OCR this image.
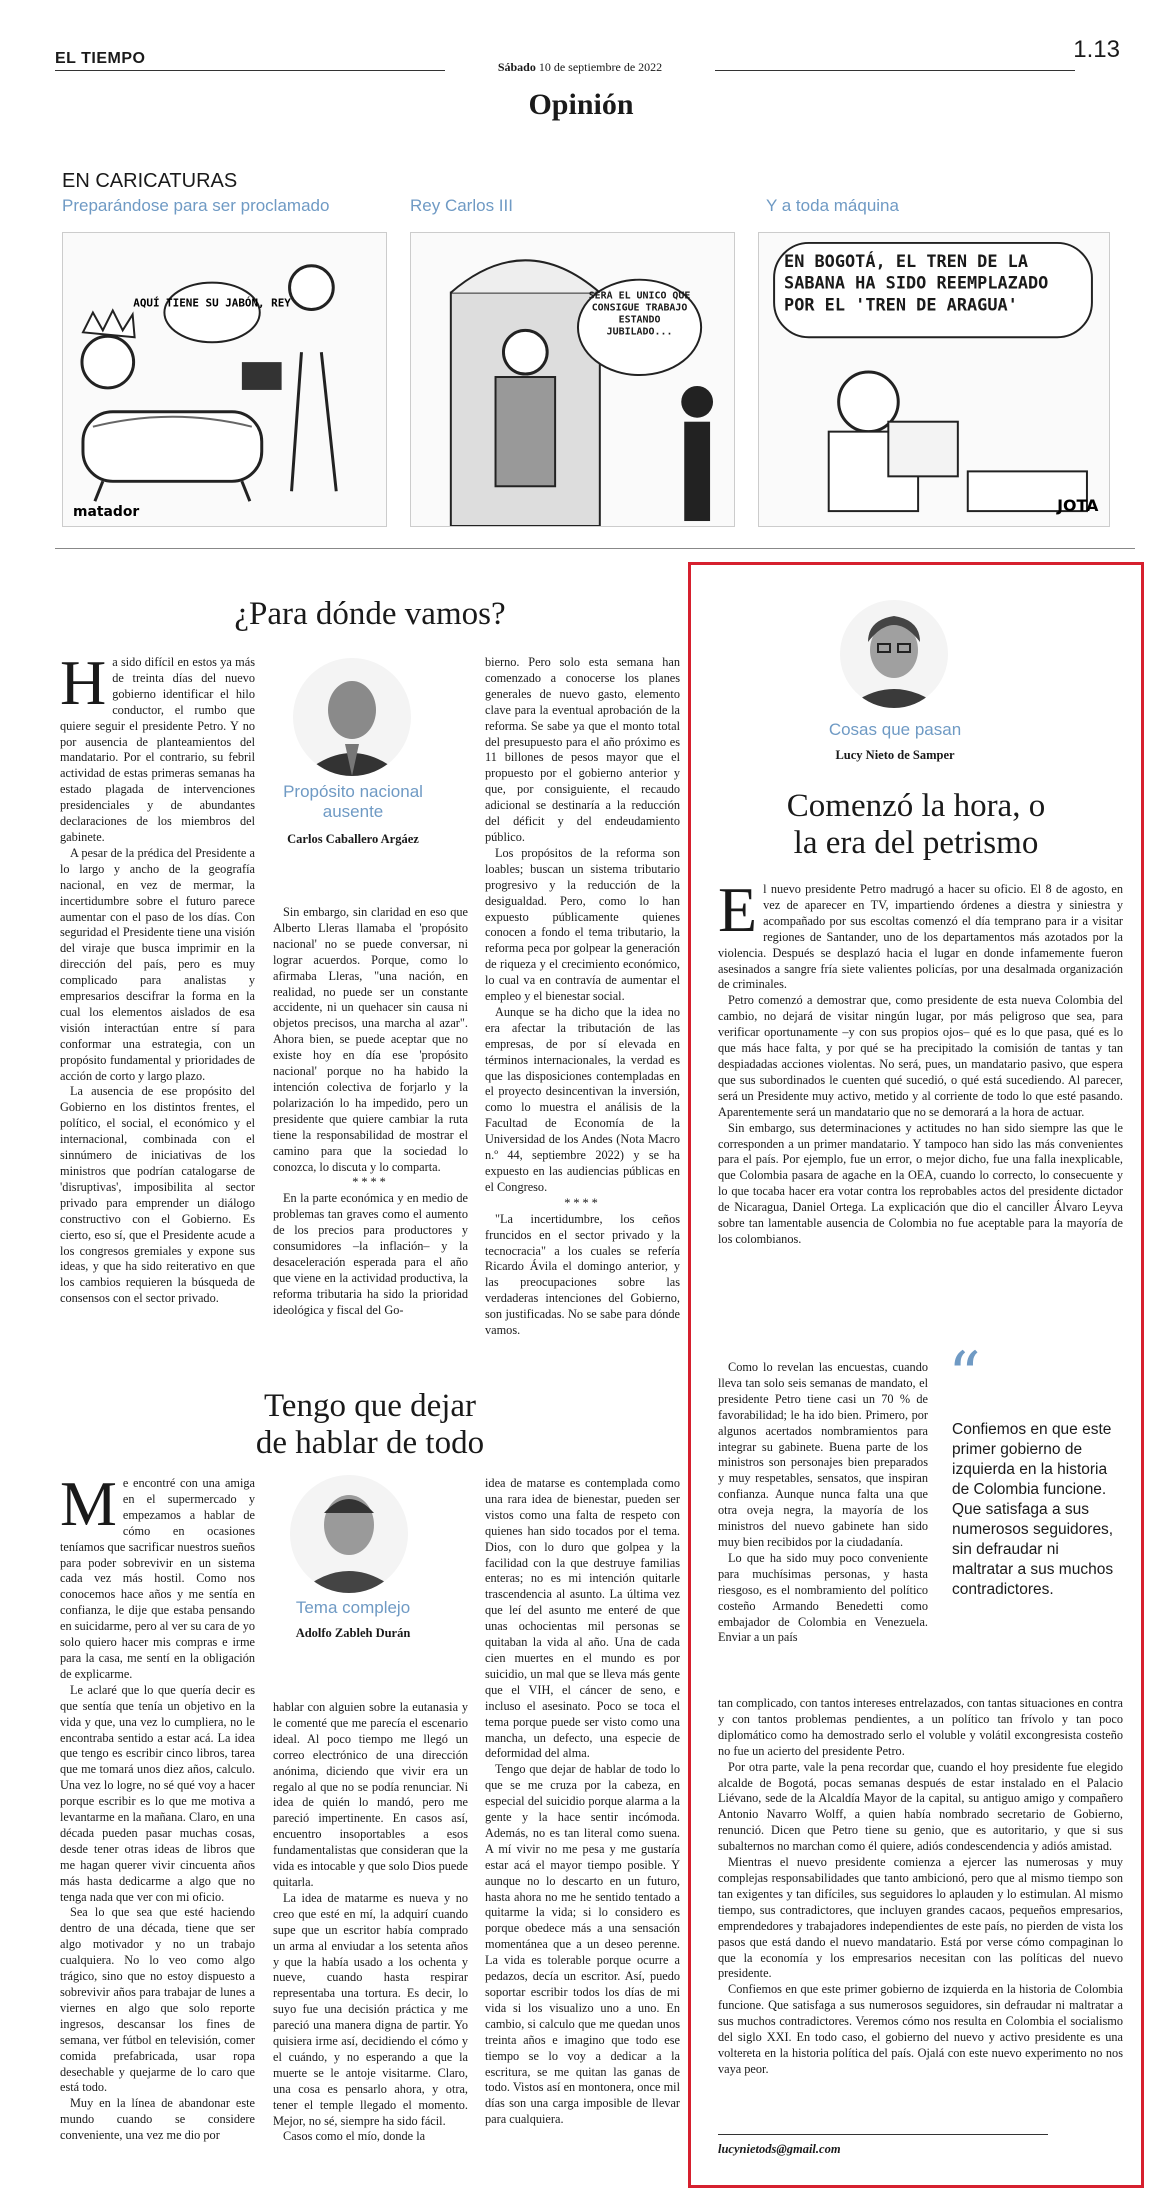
EL TIEMPO	Sábado 10 de septiembre de 2022
1.13
Opinión
EN CARICATURAS
Preparándose para ser proclamado	Rey Carlos III	Y a toda máquina
AQUÍ TIENE SU JABÓN, REY
matador
SERÁ EL ÚNICO QUE CONSIGUE TRABAJO ESTANDO JUBILADO...
EN BOGOTÁ, EL TREN DE LA SABANA HA SIDO REEMPLAZADO POR EL 'TREN DE ARAGUA'
JOTA
¿Para dónde vamos?

Ha sido difícil en estos ya más de treinta días del nuevo gobierno identificar el hilo conductor, el rumbo que quiere seguir el presidente Petro. Y no por ausencia de planteamientos del mandatario. Por el contrario, su febril actividad de estas primeras semanas ha estado plagada de intervenciones presidenciales y de abundantes declaraciones de los miembros del gabinete.

A pesar de la prédica del Presidente a lo largo y ancho de la geografía nacional, en vez de mermar, la incertidumbre sobre el futuro parece aumentar con el paso de los días. Con seguridad el Presidente tiene una visión del viraje que busca imprimir en la dirección del país, pero es muy complicado para analistas y empresarios descifrar la forma en la cual los elementos aislados de esa visión interactúan entre sí para conformar una estrategia, con un propósito fundamental y prioridades de acción de corto y largo plazo.

La ausencia de ese propósito del Gobierno en los distintos frentes, el político, el social, el económico y el internacional, combinada con el sinnúmero de iniciativas de los ministros que podrían catalogarse de 'disruptivas', imposibilita al sector privado para emprender un diálogo constructivo con el Gobierno. Es cierto, eso sí, que el Presidente acude a los congresos gremiales y expone sus ideas, y que ha sido reiterativo en que los cambios requieren la búsqueda de consensos con el sector privado.

Propósito nacional ausente
Carlos Caballero Argáez

Sin embargo, sin claridad en eso que Alberto Lleras llamaba el 'propósito nacional' no se puede conversar, ni lograr acuerdos. Porque, como lo afirmaba Lleras, "una nación, en realidad, no puede ser un constante accidente, ni un quehacer sin causa ni objetos precisos, una marcha al azar". Ahora bien, se puede aceptar que no existe hoy en día ese 'propósito nacional' porque no ha habido la intención colectiva de forjarlo y la polarización lo ha impedido, pero un presidente que quiere cambiar la ruta tiene la responsabilidad de mostrar el camino para que la sociedad lo conozca, lo discuta y lo comparta.

****

En la parte económica y en medio de problemas tan graves como el aumento de los precios para productores y consumidores –la inflación– y la desaceleración esperada para el año que viene en la actividad productiva, la reforma tributaria ha sido la prioridad ideológica y fiscal del Go-

bierno. Pero solo esta semana han comenzado a conocerse los planes generales de nuevo gasto, elemento clave para la eventual aprobación de la reforma. Se sabe ya que el monto total del presupuesto para el año próximo es 11 billones de pesos mayor que el propuesto por el gobierno anterior y que, por consiguiente, el recaudo adicional se destinaría a la reducción del déficit y del endeudamiento público.

Los propósitos de la reforma son loables; buscan un sistema tributario progresivo y la reducción de la desigualdad. Pero, como lo han expuesto públicamente quienes conocen a fondo el tema tributario, la reforma peca por golpear la generación de riqueza y el crecimiento económico, lo cual va en contravía de aumentar el empleo y el bienestar social.

Aunque se ha dicho que la idea no era afectar la tributación de las empresas, de por sí elevada en términos internacionales, la verdad es que las disposiciones contempladas en el proyecto desincentivan la inversión, como lo muestra el análisis de la Facultad de Economía de la Universidad de los Andes (Nota Macro n.º 44, septiembre 2022) y se ha expuesto en las audiencias públicas en el Congreso.

****

"La incertidumbre, los ceños fruncidos en el sector privado y la tecnocracia" a los cuales se refería Ricardo Ávila el domingo anterior, y las preocupaciones sobre las verdaderas intenciones del Gobierno, son justificadas. No se sabe para dónde vamos.

Tengo que dejar
de hablar de todo

Me encontré con una amiga en el supermercado y empezamos a hablar de cómo en ocasiones teníamos que sacrificar nuestros sueños para poder sobrevivir en un sistema cada vez más hostil. Como nos conocemos hace años y me sentía en confianza, le dije que estaba pensando en suicidarme, pero al ver su cara de yo solo quiero hacer mis compras e irme para la casa, me sentí en la obligación de explicarme.

Le aclaré que lo que quería decir es que sentía que tenía un objetivo en la vida y que, una vez lo cumpliera, no le encontraba sentido a estar acá. La idea que tengo es escribir cinco libros, tarea que me tomará unos diez años, calculo. Una vez lo logre, no sé qué voy a hacer porque escribir es lo que me motiva a levantarme en la mañana. Claro, en una década pueden pasar muchas cosas, desde tener otras ideas de libros que me hagan querer vivir cincuenta años más hasta dedicarme a algo que no tenga nada que ver con mi oficio.

Sea lo que sea que esté haciendo dentro de una década, tiene que ser algo motivador y no un trabajo cualquiera. No lo veo como algo trágico, sino que no estoy dispuesto a sobrevivir años para trabajar de lunes a viernes en algo que solo reporte ingresos, descansar los fines de semana, ver fútbol en televisión, comer comida prefabricada, usar ropa desechable y quejarme de lo caro que está todo.

Muy en la línea de abandonar este mundo cuando se considere conveniente, una vez me dio por

Tema complejo
Adolfo Zableh Durán

hablar con alguien sobre la eutanasia y le comenté que me parecía el escenario ideal. Al poco tiempo me llegó un correo electrónico de una dirección anónima, diciendo que vivir era un regalo al que no se podía renunciar. Ni idea de quién lo mandó, pero me pareció impertinente. En casos así, encuentro insoportables a esos fundamentalistas que consideran que la vida es intocable y que solo Dios puede quitarla.

La idea de matarme es nueva y no creo que esté en mí, la adquirí cuando supe que un escritor había comprado un arma al enviudar a los setenta años y que la había usado a los ochenta y nueve, cuando hasta respirar representaba una tortura. Es decir, lo suyo fue una decisión práctica y me pareció una manera digna de partir. Yo quisiera irme así, decidiendo el cómo y el cuándo, y no esperando a que la muerte se le antoje visitarme. Claro, una cosa es pensarlo ahora, y otra, tener el temple llegado el momento. Mejor, no sé, siempre ha sido fácil.

Casos como el mío, donde la

idea de matarse es contemplada como una rara idea de bienestar, pueden ser vistos como una falta de respeto con quienes han sido tocados por el tema. Dios, con lo duro que golpea y la facilidad con la que destruye familias enteras; no es mi intención quitarle trascendencia al asunto. La última vez que leí del asunto me enteré de que unas ochocientas mil personas se quitaban la vida al año. Una de cada cien muertes en el mundo es por suicidio, un mal que se lleva más gente que el VIH, el cáncer de seno, e incluso el asesinato. Poco se toca el tema porque puede ser visto como una mancha, un defecto, una especie de deformidad del alma.

Tengo que dejar de hablar de todo lo que se me cruza por la cabeza, en especial del suicidio porque alarma a la gente y la hace sentir incómoda. Además, no es tan literal como suena. A mí vivir no me pesa y me gustaría estar acá el mayor tiempo posible. Y aunque no lo descarto en un futuro, hasta ahora no me he sentido tentado a quitarme la vida; si lo considero es porque obedece más a una sensación momentánea que a un deseo perenne. La vida es tolerable porque ocurre a pedazos, decía un escritor. Así, puedo soportar escribir todos los días de mi vida si los visualizo uno a uno. En cambio, si calculo que me quedan unos treinta años e imagino que todo ese tiempo se lo voy a dedicar a la escritura, se me quitan las ganas de todo. Vistos así en montonera, once mil días son una carga imposible de llevar para cualquiera.

Cosas que pasan
Lucy Nieto de Samper
Comenzó la hora, o
la era del petrismo

El nuevo presidente Petro madrugó a hacer su oficio. El 8 de agosto, en vez de aparecer en TV, impartiendo órdenes a diestra y siniestra y acompañado por sus escoltas comenzó el día temprano para ir a visitar regiones de Santander, uno de los departamentos más azotados por la violencia. Después se desplazó hacia el lugar en donde infamemente fueron asesinados a sangre fría siete valientes policías, por una desalmada organización de criminales.

Petro comenzó a demostrar que, como presidente de esta nueva Colombia del cambio, no dejará de visitar ningún lugar, por más peligroso que sea, para verificar oportunamente –y con sus propios ojos– qué es lo que pasa, qué es lo que más hace falta, y por qué se ha precipitado la comisión de tantas y tan despiadadas acciones violentas. No será, pues, un mandatario pasivo, que espera que sus subordinados le cuenten qué sucedió, o qué está sucediendo. Al parecer, será un Presidente muy activo, metido y al corriente de todo lo que esté pasando. Aparentemente será un mandatario que no se demorará a la hora de actuar.

Sin embargo, sus determinaciones y actitudes no han sido siempre las que le corresponden a un primer mandatario. Y tampoco han sido las más convenientes para el país. Por ejemplo, fue un error, o mejor dicho, fue una falla inexplicable, que Colombia pasara de agache en la OEA, cuando lo correcto, lo consecuente y lo que tocaba hacer era votar contra los reprobables actos del presidente dictador de Nicaragua, Daniel Ortega. La explicación que dio el canciller Álvaro Leyva sobre tan lamentable ausencia de Colombia no fue aceptable para la mayoría de los colombianos.

Como lo revelan las encuestas, cuando lleva tan solo seis semanas de mandato, el presidente Petro tiene casi un 70 % de favorabilidad; le ha ido bien. Primero, por algunos acertados nombramientos para integrar su gabinete. Buena parte de los ministros son personajes bien preparados y muy respetables, sensatos, que inspiran confianza. Aunque nunca falta una que otra oveja negra, la mayoría de los ministros del nuevo gabinete han sido muy bien recibidos por la ciudadanía.

Lo que ha sido muy poco conveniente para muchísimas personas, y hasta riesgoso, es el nombramiento del político costeño Armando Benedetti como embajador de Colombia en Venezuela. Enviar a un país

“
Confiemos en que este primer gobierno de izquierda en la historia de Colombia funcione. Que satisfaga a sus numerosos seguidores, sin defraudar ni maltratar a sus muchos contradictores.

tan complicado, con tantos intereses entrelazados, con tantas situaciones en contra y con tantos problemas pendientes, a un político tan frívolo y tan poco diplomático como ha demostrado serlo el voluble y volátil excongresista costeño no fue un acierto del presidente Petro.

Por otra parte, vale la pena recordar que, cuando el hoy presidente fue elegido alcalde de Bogotá, pocas semanas después de estar instalado en el Palacio Liévano, sede de la Alcaldía Mayor de la capital, su antiguo amigo y compañero Antonio Navarro Wolff, a quien había nombrado secretario de Gobierno, renunció. Dicen que Petro tiene su genio, que es autoritario, y que si sus subalternos no marchan como él quiere, adiós condescendencia y adiós amistad.

Mientras el nuevo presidente comienza a ejercer las numerosas y muy complejas responsabilidades que tanto ambicionó, pero que al mismo tiempo son tan exigentes y tan difíciles, sus seguidores lo aplauden y lo estimulan. Al mismo tiempo, sus contradictores, que incluyen grandes cacaos, pequeños empresarios, emprendedores y trabajadores independientes de este país, no pierden de vista los pasos que está dando el nuevo mandatario. Está por verse cómo compaginan lo que la economía y los empresarios necesitan con las políticas del nuevo presidente.

Confiemos en que este primer gobierno de izquierda en la historia de Colombia funcione. Que satisfaga a sus numerosos seguidores, sin defraudar ni maltratar a sus muchos contradictores. Veremos cómo nos resulta en Colombia el socialismo del siglo XXI. En todo caso, el gobierno del nuevo y activo presidente es una voltereta en la historia política del país. Ojalá con este nuevo experimento no nos vaya peor.

lucynietods@gmail.com
